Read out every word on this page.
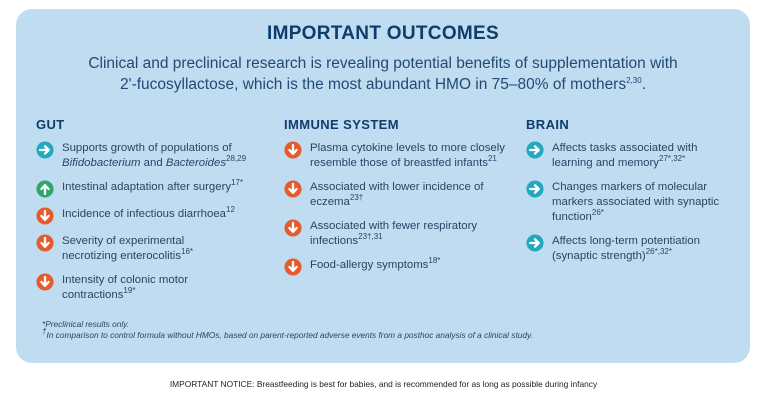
IMPORTANT OUTCOMES
Clinical and preclinical research is revealing potential benefits of supplementation with
2'-fucosyllactose, which is the most abundant HMO in 75–80% of mothers$^{2,30}$.
GUT
Supports growth of populations of
Bifidobacterium and Bacteroides$^{28,29}$
Intestinal adaptation after surgery$^{17*}$
Incidence of infectious diarrhoea$^{12}$
Severity of experimental
necrotizing enterocolitis$^{16*}$
Intensity of colonic motor
contractions$^{19*}$
IMMUNE SYSTEM
Plasma cytokine levels to more closely
resemble those of breastfed infants$^{21}$
Associated with lower incidence of
eczema$^{23\dagger}$
Associated with fewer respiratory
infections$^{23\dagger,31}$
Food-allergy symptoms$^{18*}$
BRAIN
Affects tasks associated with
learning and memory$^{27*,32*}$
Changes markers of molecular
markers associated with synaptic
function$^{26*}$
Affects long-term potentiation
(synaptic strength)$^{26*,32*}$
*Preclinical results only.
†In comparison to control formula without HMOs, based on parent-reported adverse events from a posthoc analysis of a clinical study.
IMPORTANT NOTICE: Breastfeeding is best for babies, and is recommended for as long as possible during infancy
